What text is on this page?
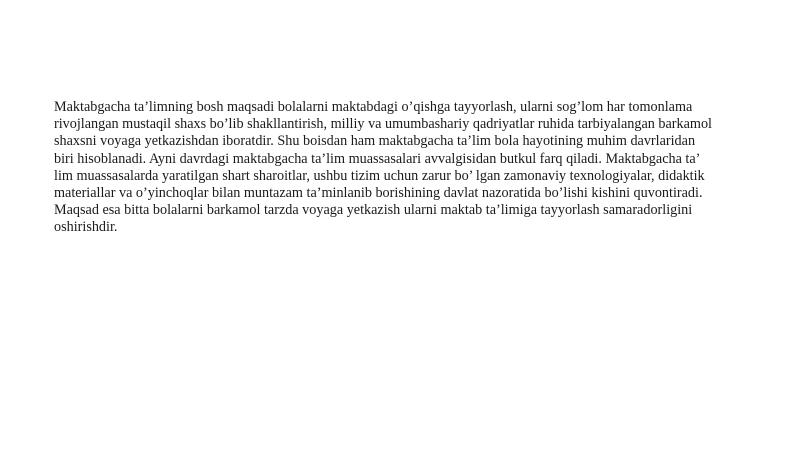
Maktabgacha ta’limning bosh maqsadi bolalarni maktabdagi o’qishga tayyorlash, ularni sog’lom har tomonlama
rivojlangan mustaqil shaxs bo’lib shakllantirish, milliy va umumbashariy qadriyatlar ruhida tarbiyalangan barkamol
shaxsni voyaga yetkazishdan iboratdir. Shu boisdan ham maktabgacha ta’lim bola hayotining muhim davrlaridan
biri hisoblanadi. Ayni davrdagi maktabgacha ta’lim muassasalari avvalgisidan butkul farq qiladi. Maktabgacha ta’
lim muassasalarda yaratilgan shart sharoitlar, ushbu tizim uchun zarur bo’ lgan zamonaviy texnologiyalar, didaktik
materiallar va o’yinchoqlar bilan muntazam ta’minlanib borishining davlat nazoratida bo’lishi kishini quvontiradi.
Maqsad esa bitta bolalarni barkamol tarzda voyaga yetkazish ularni maktab ta’limiga tayyorlash samaradorligini
oshirishdir.
